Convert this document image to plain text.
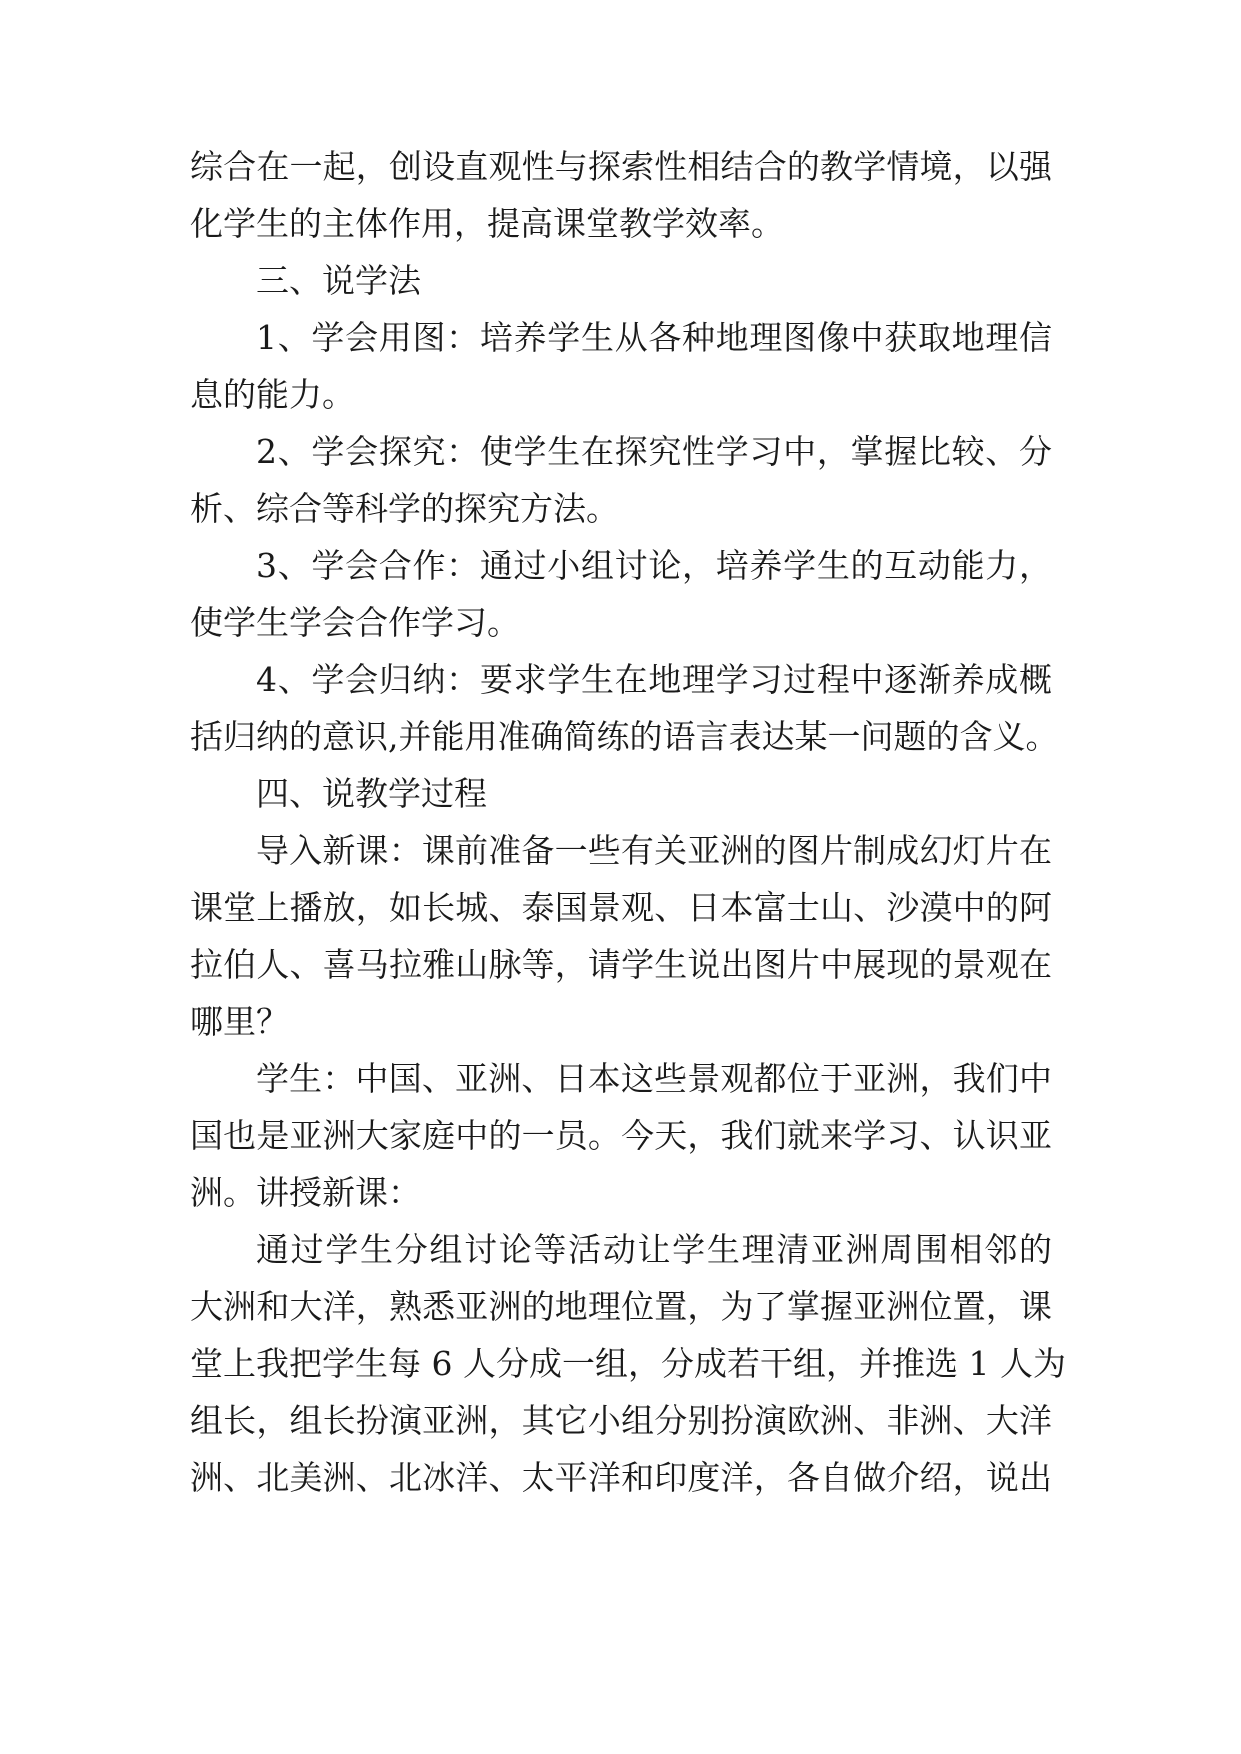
综合在一起，创设直观性与探索性相结合的教学情境，以强
化学生的主体作用，提高课堂教学效率。
三、说学法
1、学会用图：培养学生从各种地理图像中获取地理信
息的能力。
2、学会探究：使学生在探究性学习中，掌握比较、分
析、综合等科学的探究方法。
3、学会合作：通过小组讨论，培养学生的互动能力，
使学生学会合作学习。
4、学会归纳：要求学生在地理学习过程中逐渐养成概
括归纳的意识,并能用准确简练的语言表达某一问题的含义。
四、说教学过程
导入新课：课前准备一些有关亚洲的图片制成幻灯片在
课堂上播放，如长城、泰国景观、日本富士山、沙漠中的阿
拉伯人、喜马拉雅山脉等，请学生说出图片中展现的景观在
哪里？
学生：中国、亚洲、日本这些景观都位于亚洲，我们中
国也是亚洲大家庭中的一员。今天，我们就来学习、认识亚
洲。讲授新课：
通过学生分组讨论等活动让学生理清亚洲周围相邻的
大洲和大洋，熟悉亚洲的地理位置，为了掌握亚洲位置，课
堂上我把学生每 6 人分成一组，分成若干组，并推选 1 人为
组长，组长扮演亚洲，其它小组分别扮演欧洲、非洲、大洋
洲、北美洲、北冰洋、太平洋和印度洋，各自做介绍，说出
